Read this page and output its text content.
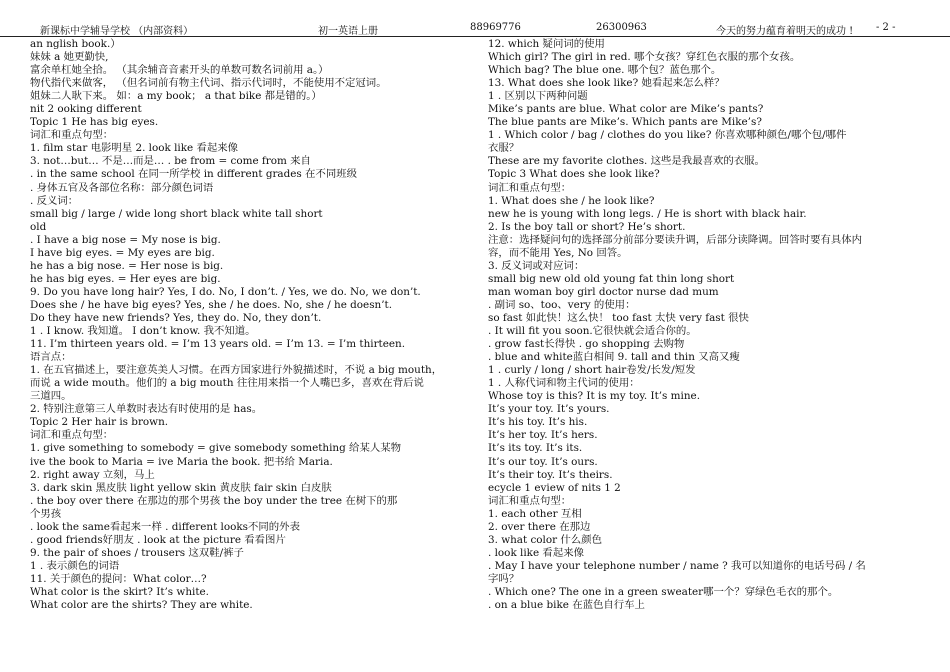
新课标中学辅导学校 （内部资料）	初一英语上册	88969776	26300963	今天的努力蕴育着明天的成功 ! - 2 -
an nglish book.）
妹妹 a 她更勤快,
富余单杠她全拾。 （其余辅音音素开头的单数可数名词前用 a。）
物代指代来做客， （但名词前有物主代词、指示代词时，不能使用不定冠词。
姐妹二人耿下来。 如：a my book； a that bike 都是错的。）
nit 2 ooking different
Topic 1 He has big eyes.
词汇和重点句型：
1. film star 电影明星 2. look like 看起来像
3. not…but… 不是…而是… . be from = come from 来自
. in the same school 在同一所学校 in different grades 在不同班级
. 身体五官及各部位名称：部分颜色词语
. 反义词：
small big / large / wide long short black white tall short
old
. I have a big nose = My nose is big.
I have big eyes. = My eyes are big.
he has a big nose. = Her nose is big.
he has big eyes. = Her eyes are big.
9. Do you have long hair? Yes, I do. No, I don’t. / Yes, we do. No, we don’t.
Does she / he have big eyes? Yes, she / he does. No, she / he doesn’t.
Do they have new friends? Yes, they do. No, they don’t.
1 . I know. 我知道。 I don’t know. 我不知道。
11. I’m thirteen years old. = I’m 13 years old. = I’m 13. = I’m thirteen.
语言点：
1. 在五官描述上，要注意英美人习惯。在西方国家进行外貌描述时，不说 a big mouth，
而说 a wide mouth。他们的 a big mouth 往往用来指一个人嘴巴多，喜欢在背后说
三道四。
2. 特别注意第三人单数时表达有时使用的是 has。
Topic 2 Her hair is brown.
词汇和重点句型：
1. give something to somebody = give somebody something 给某人某物
ive the book to Maria = ive Maria the book. 把书给 Maria.
2. right away 立刻，马上
3. dark skin 黑皮肤 light yellow skin 黄皮肤 fair skin 白皮肤
. the boy over there 在那边的那个男孩 the boy under the tree 在树下的那
个男孩
. look the same看起来一样 . different looks不同的外表
. good friends好朋友 . look at the picture 看看图片
9. the pair of shoes / trousers 这双鞋/裤子
1 . 表示颜色的词语
11. 关于颜色的提问：What color…?
What color is the skirt? It’s white.
What color are the shirts? They are white.
12. which 疑问词的使用
Which girl? The girl in red. 哪个女孩？穿红色衣服的那个女孩。
Which bag? The blue one. 哪个包？蓝色那个。
13. What does she look like? 她看起来怎么样？
1 . 区别以下两种问题
Mike’s pants are blue. What color are Mike’s pants?
The blue pants are Mike’s. Which pants are Mike’s?
1 . Which color / bag / clothes do you like? 你喜欢哪种颜色/哪个包/哪件
衣服？
These are my favorite clothes. 这些是我最喜欢的衣服。
Topic 3 What does she look like?
词汇和重点句型：
1. What does she / he look like?
new he is young with long legs. / He is short with black hair.
2. Is the boy tall or short? He’s short.
注意：选择疑问句的选择部分前部分要读升调，后部分读降调。回答时要有具体内
容，而不能用 Yes, No 回答。
3. 反义词或对应词：
small big new old old young fat thin long short
man woman boy girl doctor nurse dad mum
. 副词 so、too、very 的使用：
so fast 如此快！这么快！ too fast 太快 very fast 很快
. It will fit you soon.它很快就会适合你的。
. grow fast长得快 . go shopping 去购物
. blue and white蓝白相间 9. tall and thin 又高又瘦
1 . curly / long / short hair卷发/长发/短发
1 . 人称代词和物主代词的使用：
Whose toy is this? It is my toy. It’s mine.
It’s your toy. It’s yours.
It’s his toy. It’s his.
It’s her toy. It’s hers.
It’s its toy. It’s its.
It’s our toy. It’s ours.
It’s their toy. It’s theirs.
ecycle 1 eview of nits 1 2
词汇和重点句型：
1. each other 互相
2. over there 在那边
3. what color 什么颜色
. look like 看起来像
. May I have your telephone number / name ? 我可以知道你的电话号码 / 名
字吗？
. Which one? The one in a green sweater哪一个？穿绿色毛衣的那个。
. on a blue bike 在蓝色自行车上
